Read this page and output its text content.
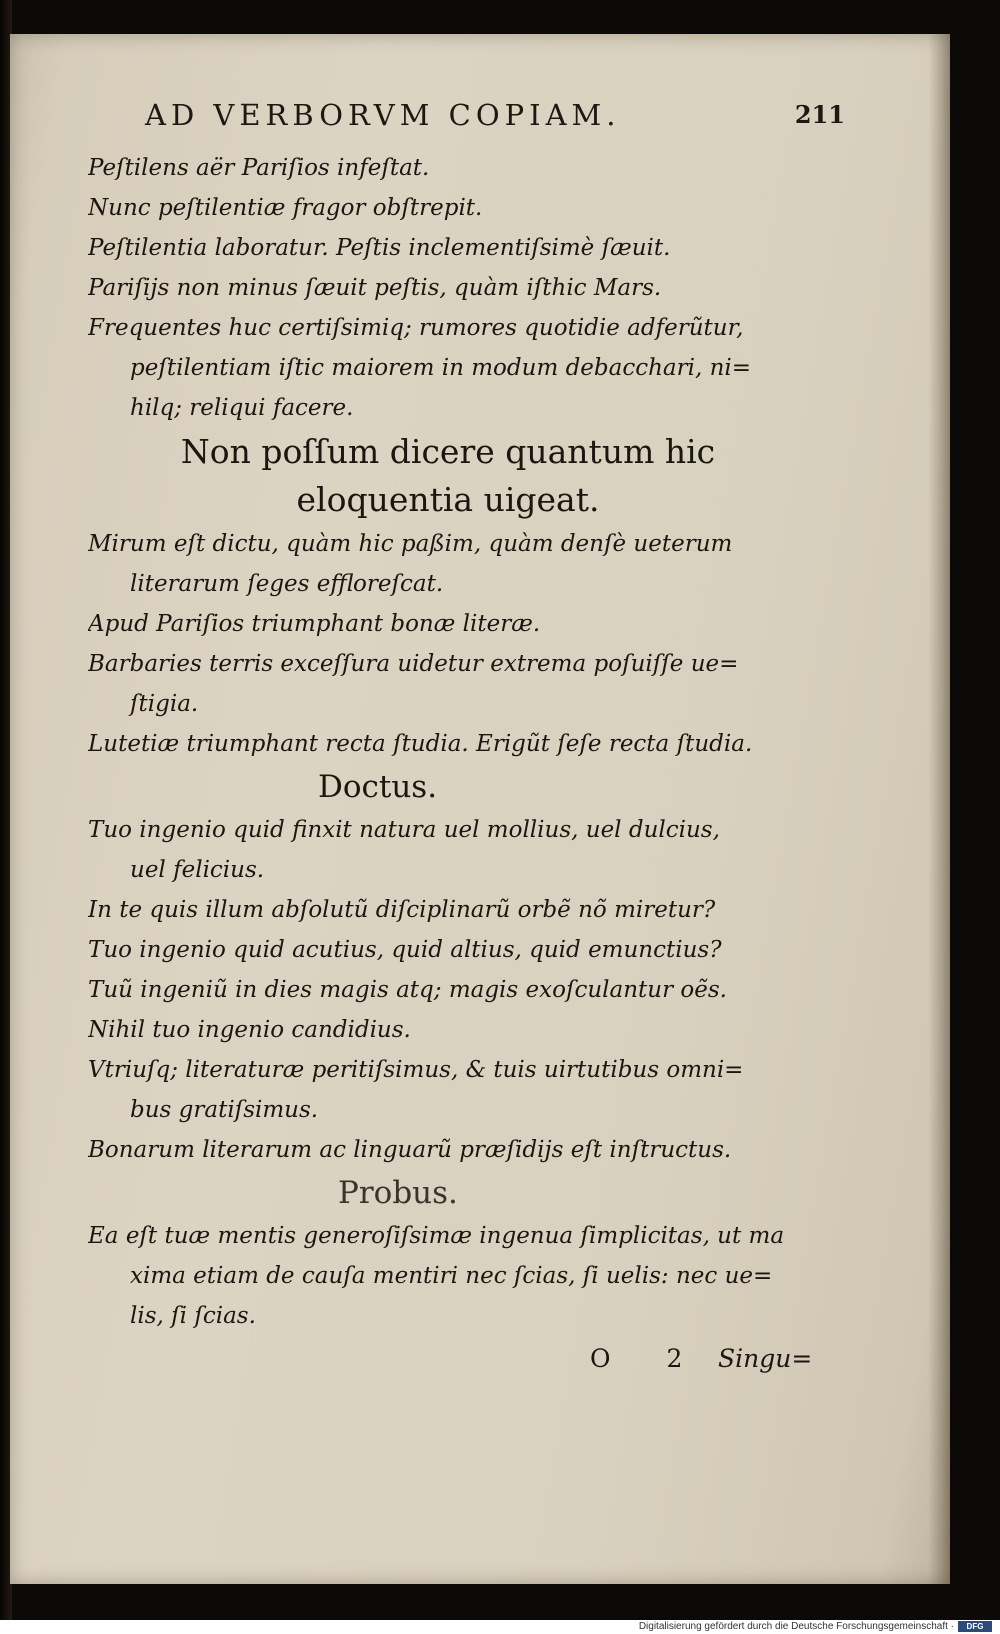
AD VERBORVM COPIAM.	211
Peſtilens aër Pariſios infeſtat.
Nunc peſtilentiæ fragor obſtrepit.
Peſtilentia laboratur. Peſtis inclementiſsimè ſæuit.
Pariſijs non minus ſæuit peſtis, quàm iſthic Mars.
Frequentes huc certiſsimiq; rumores quotidie adferũtur,
peſtilentiam iſtic maiorem in modum debacchari, ni=
hilq; reliqui facere.
Non poſſum dicere quantum hic
eloquentia uigeat.
Mirum eſt dictu, quàm hic paßim, quàm denſè ueterum
literarum ſeges effloreſcat.
Apud Pariſios triumphant bonæ literæ.
Barbaries terris exceſſura uidetur extrema poſuiſſe ue=
ſtigia.
Lutetiæ triumphant recta ſtudia. Erigũt ſeſe recta ſtudia.
Doctus.
Tuo ingenio quid finxit natura uel mollius, uel dulcius,
uel felicius.
In te quis illum abſolutũ diſciplinarũ orbẽ nõ miretur?
Tuo ingenio quid acutius, quid altius, quid emunctius?
Tuũ ingeniũ in dies magis atq; magis exoſculantur oẽs.
Nihil tuo ingenio candidius.
Vtriuſq; literaturæ peritiſsimus, & tuis uirtutibus omni=
bus gratiſsimus.
Bonarum literarum ac linguarũ præſidijs eſt inſtructus.
Probus.
Ea eſt tuæ mentis generoſiſsimæ ingenua ſimplicitas, ut ma
xima etiam de cauſa mentiri nec ſcias, ſi uelis: nec ue=
lis, ſi ſcias.
O 2 Singu=
Digitalisierung gefördert durch die Deutsche Forschungsgemeinschaft ·	DFG
